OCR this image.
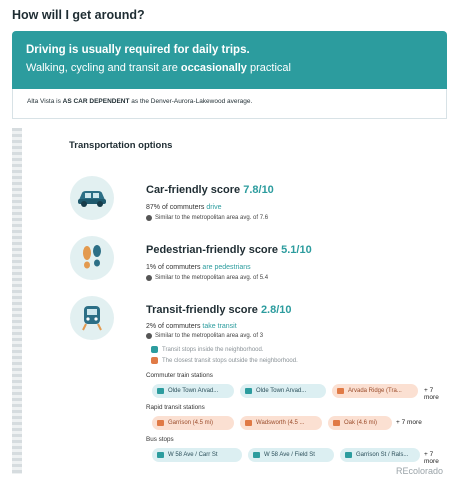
How will I get around?
Driving is usually required for daily trips.
Walking, cycling and transit are occasionally practical
Alta Vista is AS CAR DEPENDENT as the Denver-Aurora-Lakewood average.
Transportation options
Car-friendly score 7.8/10
87% of commuters drive
Similar to the metropolitan area avg. of 7.6
Pedestrian-friendly score 5.1/10
1% of commuters are pedestrians
Similar to the metropolitan area avg. of 5.4
Transit-friendly score 2.8/10
2% of commuters take transit
Similar to the metropolitan area avg. of 3
Transit stops inside the neighborhood.
The closest transit stops outside the neighborhood.
Commuter train stations
Olde Town Arvad...	Olde Town Arvad...	Arvada Ridge (Tra...	+ 7 more
Rapid transit stations
Garrison (4.5 mi)	Wadsworth (4.5 ...	Oak (4.6 mi)	+ 7 more
Bus stops
W 58 Ave / Carr St	W 58 Ave / Field St	Garrison St / Rals...	+ 7 more
REcolorado
